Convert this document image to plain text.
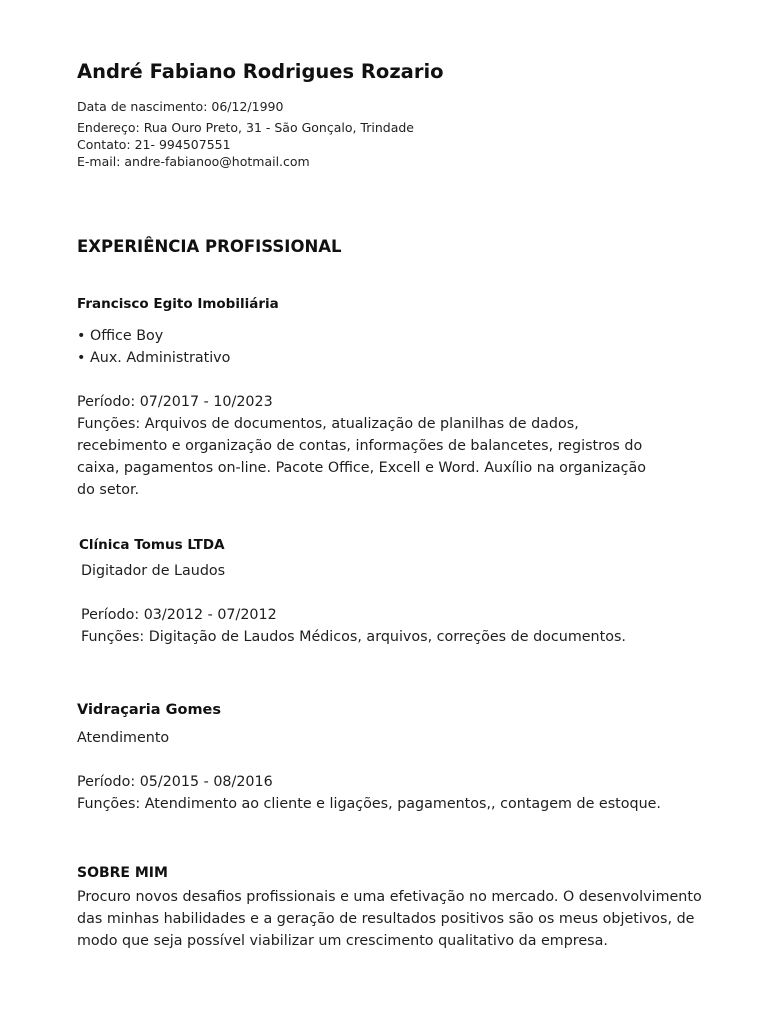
André Fabiano Rodrigues Rozario
Data de nascimento: 06/12/1990
Endereço: Rua Ouro Preto, 31 - São Gonçalo, Trindade
Contato: 21- 994507551
E-mail: andre-fabianoo@hotmail.com
EXPERIÊNCIA PROFISSIONAL
Francisco Egito Imobiliária
• Office Boy
• Aux. Administrativo
Período: 07/2017 - 10/2023
Funções: Arquivos de documentos, atualização de planilhas de dados,
recebimento e organização de contas, informações de balancetes, registros do
caixa, pagamentos on-line. Pacote Office, Excell e Word. Auxílio na organização
do setor.
Clínica Tomus LTDA
Digitador de Laudos
Período: 03/2012 - 07/2012
Funções: Digitação de Laudos Médicos, arquivos, correções de documentos.
Vidraçaria Gomes
Atendimento
Período: 05/2015 - 08/2016
Funções: Atendimento ao cliente e ligações, pagamentos,, contagem de estoque.
SOBRE MIM
Procuro novos desafios profissionais e uma efetivação no mercado. O desenvolvimento
das minhas habilidades e a geração de resultados positivos são os meus objetivos, de
modo que seja possível viabilizar um crescimento qualitativo da empresa.
